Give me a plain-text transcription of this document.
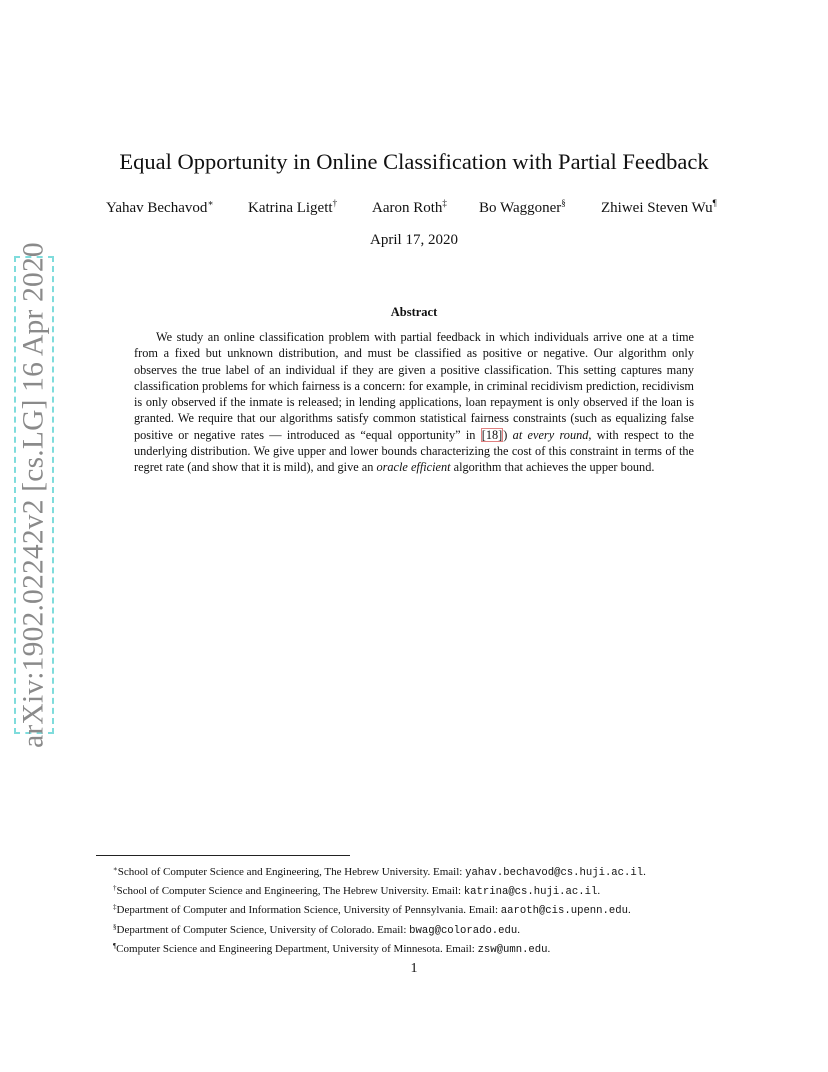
arXiv:1902.02242v2 [cs.LG] 16 Apr 2020
Equal Opportunity in Online Classification with Partial Feedback
Yahav Bechavod∗ Katrina Ligett† Aaron Roth‡ Bo Waggoner§ Zhiwei Steven Wu¶
April 17, 2020
Abstract
We study an online classification problem with partial feedback in which individuals arrive one at a time from a fixed but unknown distribution, and must be classified as positive or negative. Our algorithm only observes the true label of an individual if they are given a positive classification. This setting captures many classification problems for which fairness is a concern: for example, in criminal recidivism prediction, recidivism is only observed if the inmate is released; in lending applications, loan repayment is only observed if the loan is granted. We require that our algorithms satisfy common statistical fairness constraints (such as equalizing false positive or negative rates — introduced as “equal opportunity” in [18]) at every round, with respect to the underlying distribution. We give upper and lower bounds characterizing the cost of this constraint in terms of the regret rate (and show that it is mild), and give an oracle efficient algorithm that achieves the upper bound.
∗School of Computer Science and Engineering, The Hebrew University. Email: yahav.bechavod@cs.huji.ac.il.
†School of Computer Science and Engineering, The Hebrew University. Email: katrina@cs.huji.ac.il.
‡Department of Computer and Information Science, University of Pennsylvania. Email: aaroth@cis.upenn.edu.
§Department of Computer Science, University of Colorado. Email: bwag@colorado.edu.
¶Computer Science and Engineering Department, University of Minnesota. Email: zsw@umn.edu.
1
